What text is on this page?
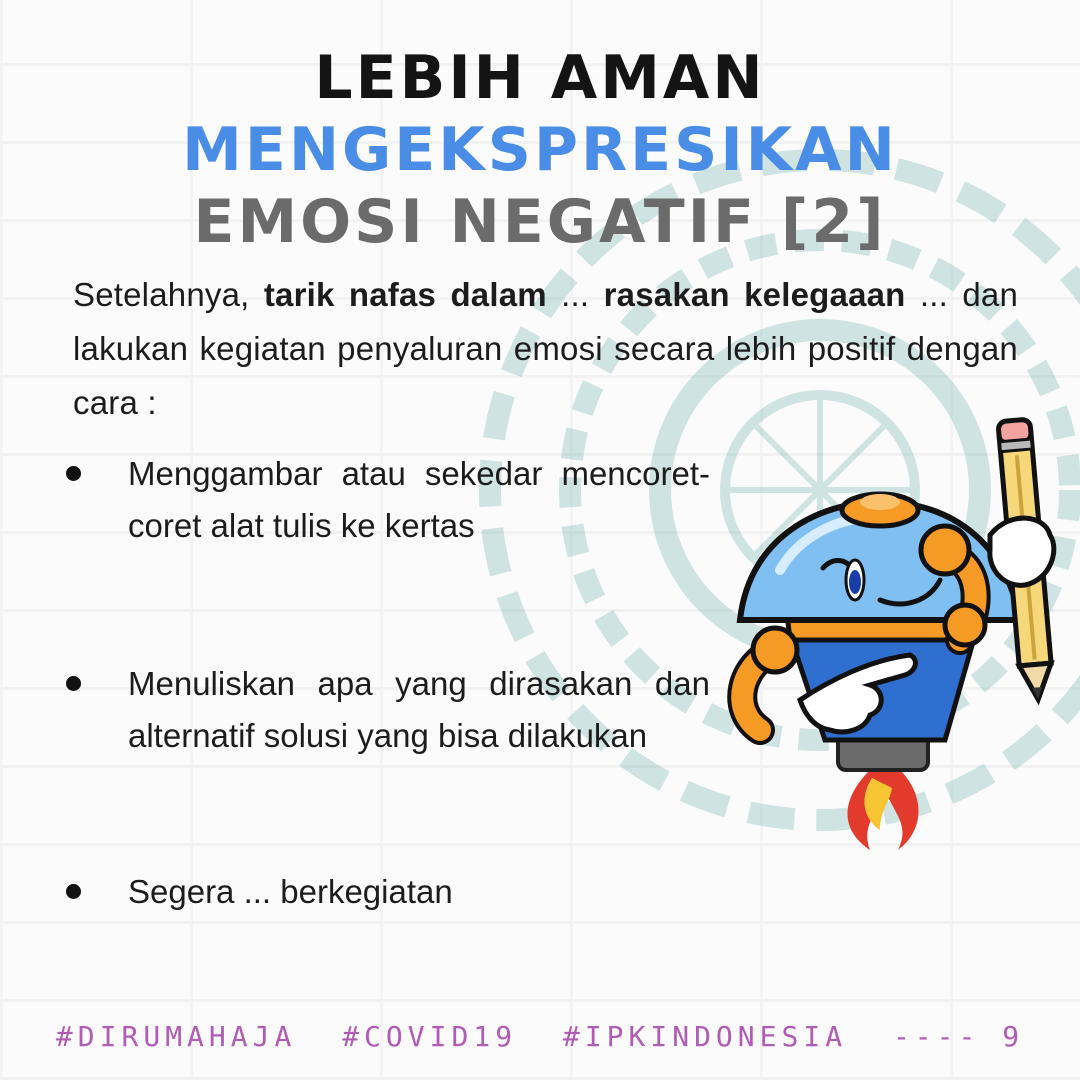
LEBIH AMAN MENGEKSPRESIKAN
EMOSI NEGATIF [2]
Setelahnya, tarik nafas dalam ... rasakan kelegaaan ... dan lakukan kegiatan penyaluran emosi secara lebih positif dengan cara :
Menggambar atau sekedar mencoret-coret alat tulis ke kertas
Menuliskan apa yang dirasakan dan alternatif solusi yang bisa dilakukan
Segera ... berkegiatan
#DIRUMAHAJA #COVID19 #IPKINDONESIA ---- 9
